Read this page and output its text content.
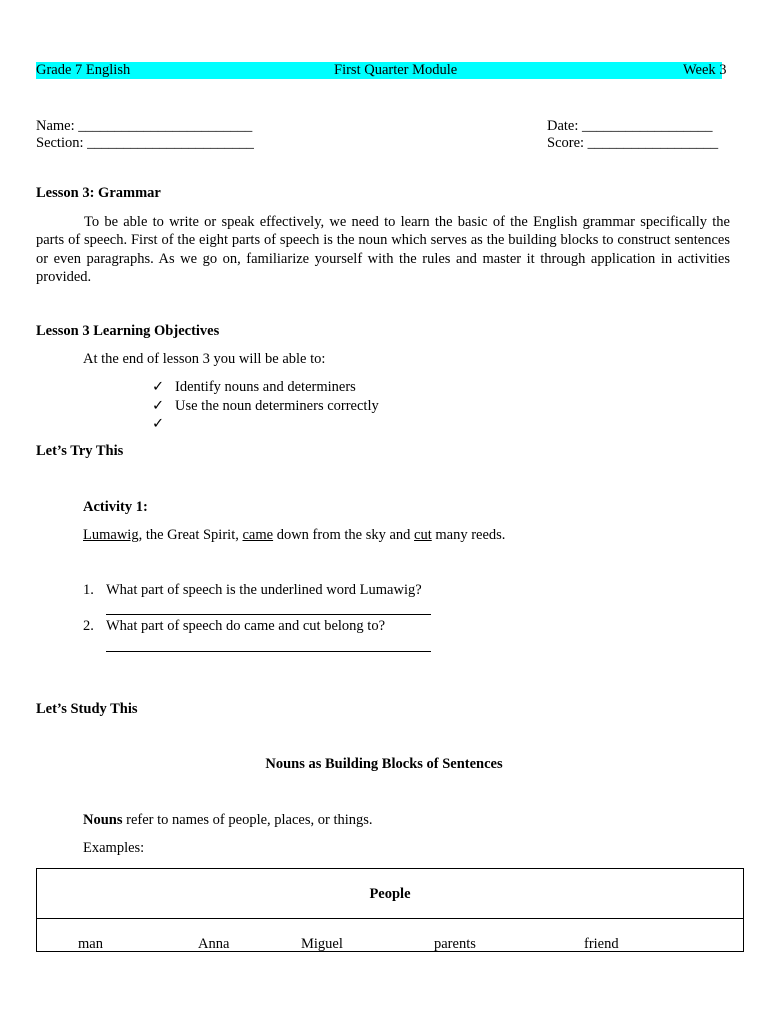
Grade 7 English	First Quarter Module	Week 3
Name: ________________________
Section: _______________________
Date: __________________
Score: __________________
Lesson 3: Grammar
To be able to write or speak effectively, we need to learn the basic of the English grammar specifically the parts of speech. First of the eight parts of speech is the noun which serves as the building blocks to construct sentences or even paragraphs. As we go on, familiarize yourself with the rules and master it through application in activities provided.
Lesson 3 Learning Objectives
At the end of lesson 3 you will be able to:
✓ Identify nouns and determiners
✓ Use the noun determiners correctly
✓
Let’s Try This
Activity 1:
Lumawig, the Great Spirit, came down from the sky and cut many reeds.
1. What part of speech is the underlined word Lumawig?
2. What part of speech do came and cut belong to?
Let’s Study This
Nouns as Building Blocks of Sentences
Nouns refer to names of people, places, or things.
Examples:
People
man	Anna	Miguel	parents	friend
